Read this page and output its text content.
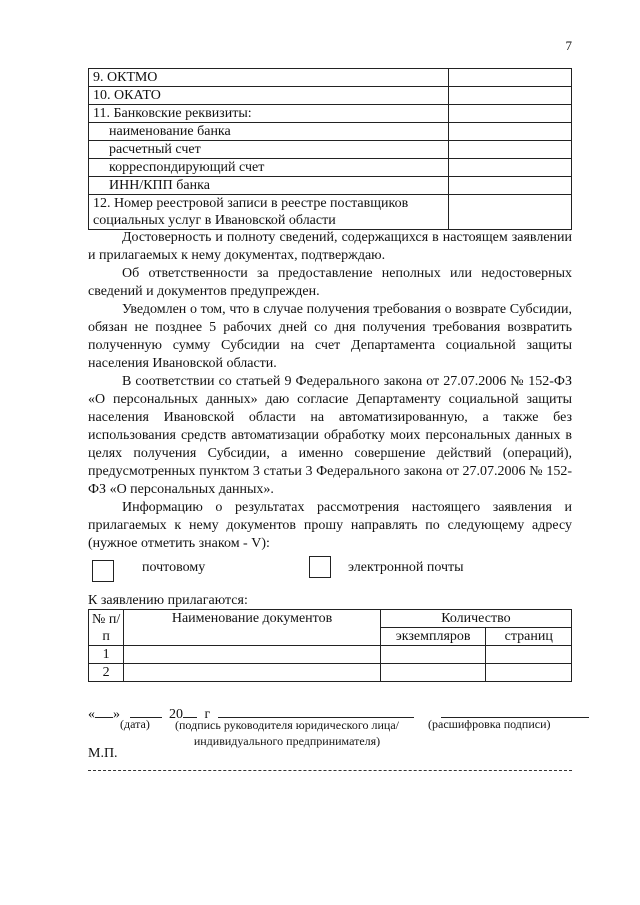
7
9. ОКТМО	
10. ОКАТО	
11. Банковские реквизиты:	
наименование банка	
расчетный счет	
корреспондирующий счет	
ИНН/КПП банка	
12. Номер реестровой записи в реестре поставщиков социальных услуг в Ивановской области	

Достоверность и полноту сведений, содержащихся в настоящем заявлении и прилагаемых к нему документах, подтверждаю.

Об ответственности за предоставление неполных или недостоверных сведений и документов предупрежден.

Уведомлен о том, что в случае получения требования о возврате Субсидии, обязан не позднее 5 рабочих дней со дня получения требования возвратить полученную сумму Субсидии на счет Департамента социальной защиты населения Ивановской области.

В соответствии со статьей 9 Федерального закона от 27.07.2006 № 152-ФЗ «О персональных данных» даю согласие Департаменту социальной защиты населения Ивановской области на автоматизированную, а также без использования средств автоматизации обработку моих персональных данных в целях получения Субсидии, а именно совершение действий (операций), предусмотренных пунктом 3 статьи 3 Федерального закона от 27.07.2006 № 152-ФЗ «О персональных данных».

Информацию о результатах рассмотрения настоящего заявления и прилагаемых к нему документов прошу направлять по следующему адресу (нужное отметить знаком - V):

почтовому	электронной почты
К заявлению прилагаются:
№ п/п	Наименование документов	Количество	
		экземпляров	страниц
1			
2			
« »	20 г
(дата) (подпись руководителя юридического лица/ индивидуального предпринимателя)
(расшифровка подписи)
М.П.
